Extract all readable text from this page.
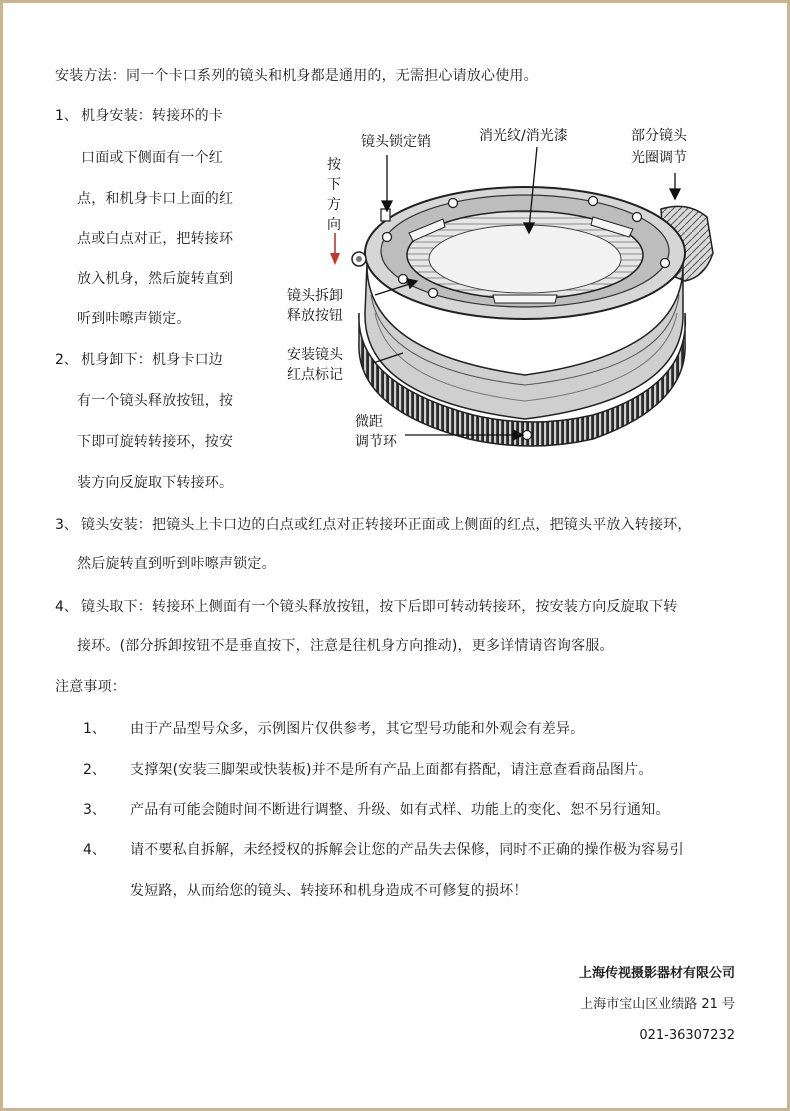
安装方法：同一个卡口系列的镜头和机身都是通用的，无需担心请放心使用。
1、 机身安装：转接环的卡
口面或下侧面有一个红
点，和机身卡口上面的红
点或白点对正，把转接环
放入机身，然后旋转直到
听到咔嚓声锁定。
2、 机身卸下：机身卡口边
有一个镜头释放按钮，按
下即可旋转转接环，按安
装方向反旋取下转接环。
镜头锁定销	消光纹/消光漆	部分镜头
光圈调节
按
下
方
向
镜头拆卸
释放按钮
安装镜头
红点标记
微距
调节环
3、 镜头安装：把镜头上卡口边的白点或红点对正转接环正面或上侧面的红点，把镜头平放入转接环，
然后旋转直到听到咔嚓声锁定。
4、 镜头取下：转接环上侧面有一个镜头释放按钮，按下后即可转动转接环，按安装方向反旋取下转
接环。(部分拆卸按钮不是垂直按下，注意是往机身方向推动)，更多详情请咨询客服。
注意事项：
1、 由于产品型号众多，示例图片仅供参考，其它型号功能和外观会有差异。
2、 支撑架(安装三脚架或快装板)并不是所有产品上面都有搭配，请注意查看商品图片。
3、 产品有可能会随时间不断进行调整、升级、如有式样、功能上的变化、恕不另行通知。
4、 请不要私自拆解，未经授权的拆解会让您的产品失去保修，同时不正确的操作极为容易引
发短路，从而给您的镜头、转接环和机身造成不可修复的损坏！
上海传视摄影器材有限公司
上海市宝山区业绩路 21 号
021-36307232
